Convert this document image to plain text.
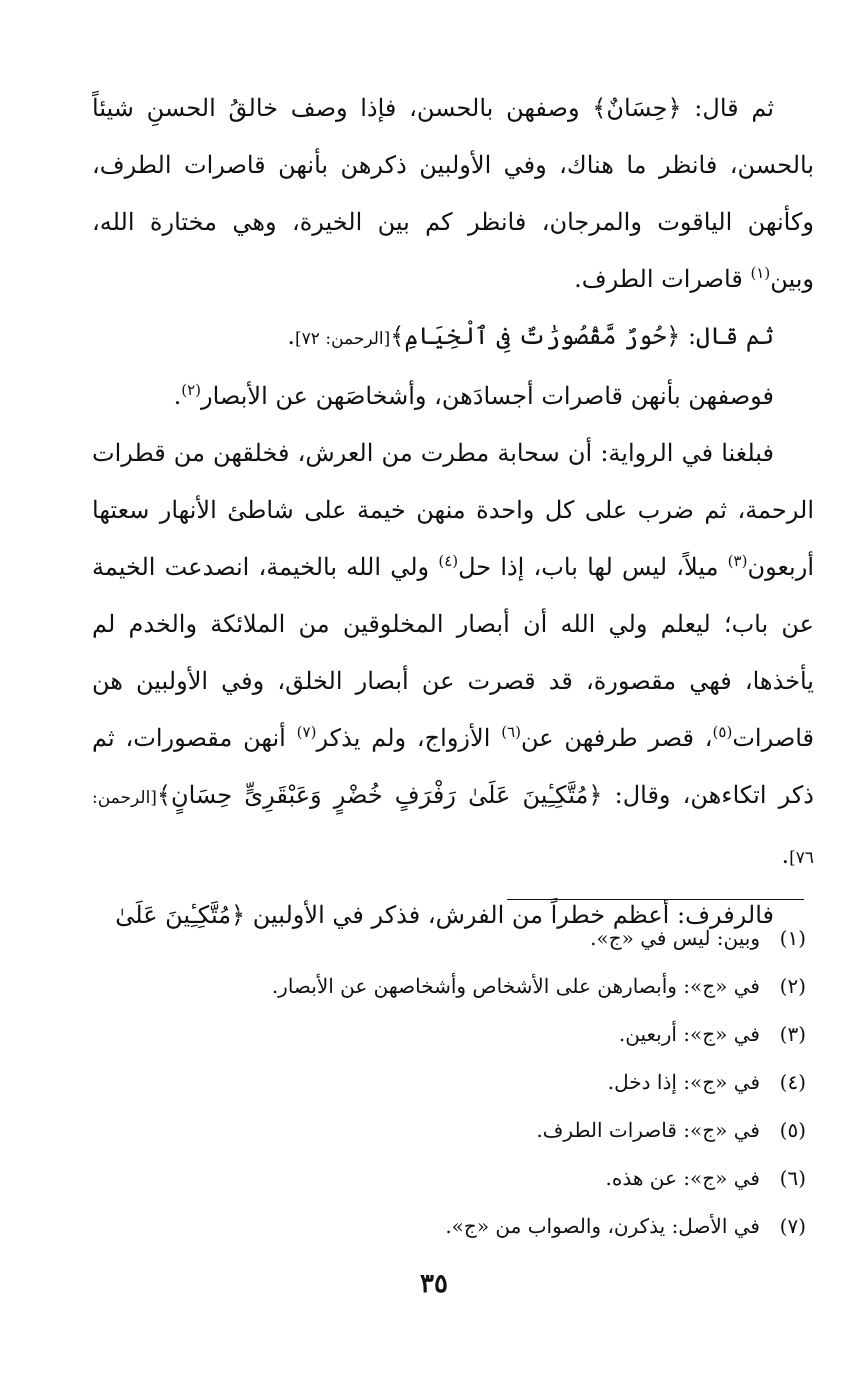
ثم قال: ﴿حِسَانٌ﴾ وصفهن بالحسن، فإذا وصف خالقُ الحسنِ شيئاً بالحسن، فانظر ما هناك، وفي الأولبين ذكرهن بأنهن قاصرات الطرف، وكأنهن الياقوت والمرجان، فانظر كم بين الخيرة، وهي مختارة الله، وبين$^{(١)}$ قاصرات الطرف.

ثم قال: ﴿حُورٌ مَّقْصُورَٰتٌ فِى ٱلْخِيَامِ﴾[الرحمن: ٧٢].

فوصفهن بأنهن قاصرات أجسادَهن، وأشخاصَهن عن الأبصار$^{(٢)}$.

فبلغنا في الرواية: أن سحابة مطرت من العرش، فخلقهن من قطرات الرحمة، ثم ضرب على كل واحدة منهن خيمة على شاطئ الأنهار سعتها أربعون$^{(٣)}$ ميلاً، ليس لها باب، إذا حل$^{(٤)}$ ولي الله بالخيمة، انصدعت الخيمة عن باب؛ ليعلم ولي الله أن أبصار المخلوقين من الملائكة والخدم لم يأخذها، فهي مقصورة، قد قصرت عن أبصار الخلق، وفي الأولبين هن قاصرات$^{(٥)}$، قصر طرفهن عن$^{(٦)}$ الأزواج، ولم يذكر$^{(٧)}$ أنهن مقصورات، ثم ذكر اتكاءهن، وقال: ﴿مُتَّكِـِٔينَ عَلَىٰ رَفْرَفٍ خُضْرٍ وَعَبْقَرِىٍّ حِسَانٍ﴾[الرحمن: ٧٦].

فالرفرف: أعظم خطراً من الفرش، فذكر في الأولبين ﴿مُتَّكِـِٔينَ عَلَىٰ

(١)وبين: ليس في «ج».
(٢)في «ج»: وأبصارهن على الأشخاص وأشخاصهن عن الأبصار.
(٣)في «ج»: أربعين.
(٤)في «ج»: إذا دخل.
(٥)في «ج»: قاصرات الطرف.
(٦)في «ج»: عن هذه.
(٧)في الأصل: يذكرن، والصواب من «ج».
٣٥
